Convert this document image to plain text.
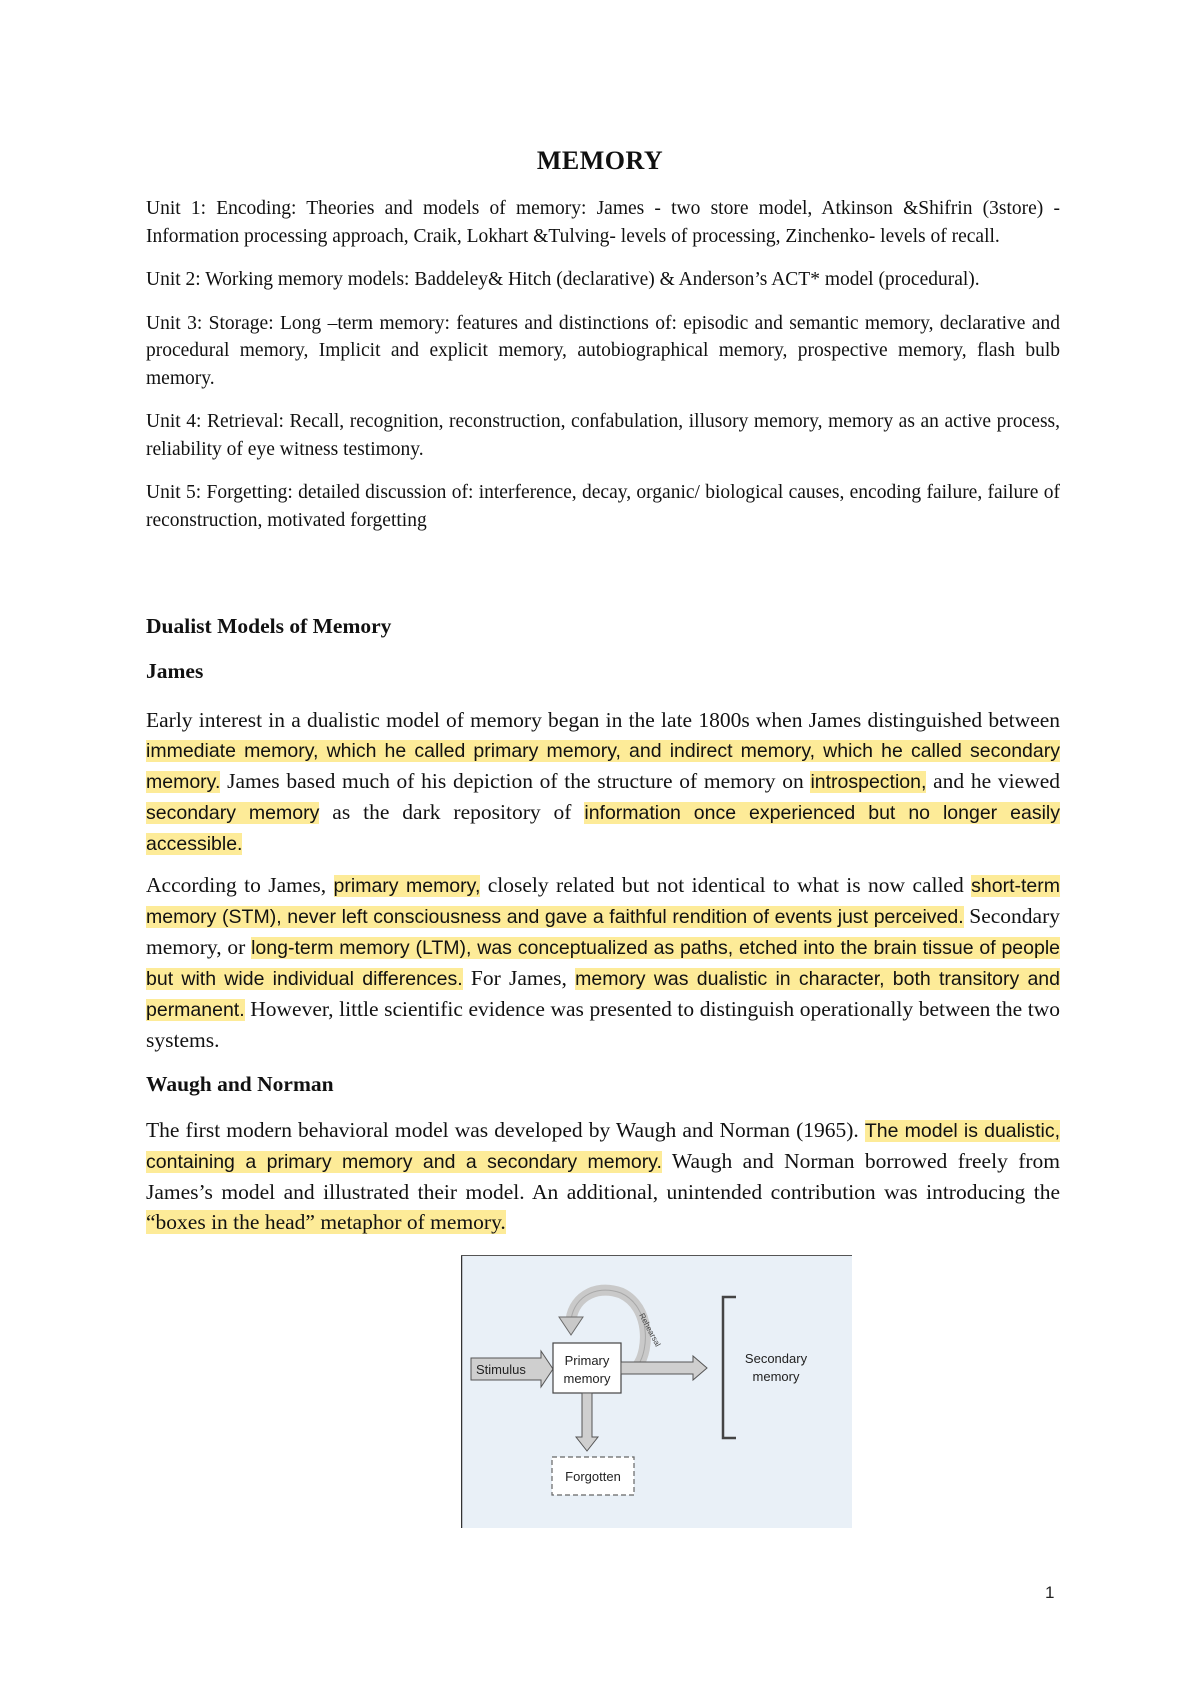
MEMORY

Unit 1: Encoding: Theories and models of memory: James - two store model, Atkinson &Shifrin (3store) - Information processing approach, Craik, Lokhart &Tulving- levels of processing, Zinchenko- levels of recall.

Unit 2: Working memory models: Baddeley& Hitch (declarative) & Anderson’s ACT* model (procedural).

Unit 3: Storage: Long –term memory: features and distinctions of: episodic and semantic memory, declarative and procedural memory, Implicit and explicit memory, autobiographical memory, prospective memory, flash bulb memory.

Unit 4: Retrieval: Recall, recognition, reconstruction, confabulation, illusory memory, memory as an active process, reliability of eye witness testimony.

Unit 5: Forgetting: detailed discussion of: interference, decay, organic/ biological causes, encoding failure, failure of reconstruction, motivated forgetting

Dualist Models of Memory
James

Early interest in a dualistic model of memory began in the late 1800s when James distinguished between immediate memory, which he called primary memory, and indirect memory, which he called secondary memory. James based much of his depiction of the structure of memory on introspection, and he viewed secondary memory as the dark repository of information once experienced but no longer easily accessible.

According to James, primary memory, closely related but not identical to what is now called short-term memory (STM), never left consciousness and gave a faithful rendition of events just perceived. Secondary memory, or long-term memory (LTM), was conceptualized as paths, etched into the brain tissue of people but with wide individual differences. For James, memory was dualistic in character, both transitory and permanent. However, little scientific evidence was presented to distinguish operationally between the two systems.

Waugh and Norman

The first modern behavioral model was developed by Waugh and Norman (1965). The model is dualistic, containing a primary memory and a secondary memory. Waugh and Norman borrowed freely from James’s model and illustrated their model. An additional, unintended contribution was introducing the “boxes in the head” metaphor of memory.

Rehearsal
Stimulus
Primary
memory
Secondary
memory
Forgotten
1
